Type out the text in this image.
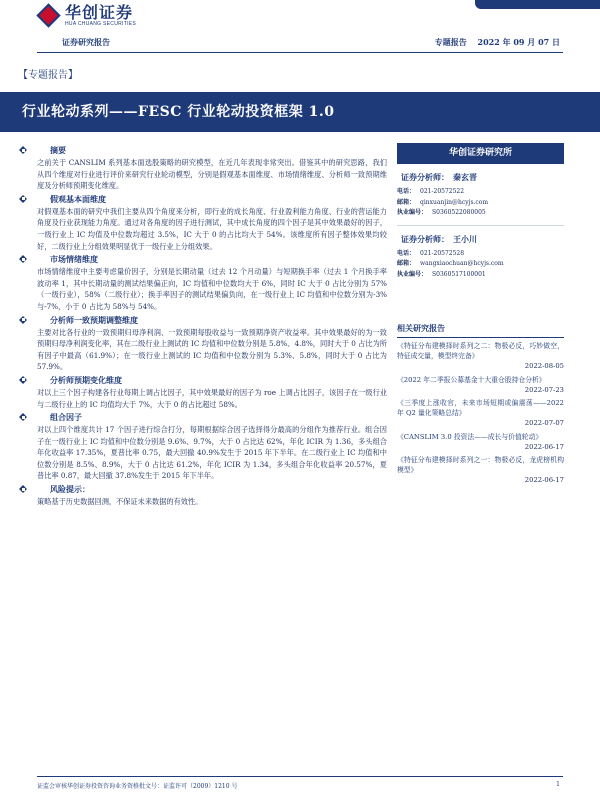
华创证券
HUA CHUANG SECURITIES
证券研究报告	专题报告 2022 年 09 月 07 日
【专题报告】
行业轮动系列——FESC 行业轮动投资框架 1.0
摘要
之前关于 CANSLIM 系列基本面选股策略的研究模型，在近几年表现非常突出。借鉴其中的研究思路，我们从四个维度对行业进行评价来研究行业轮动模型，分别是假观基本面维度、市场情绪维度、分析师一致预期维度及分析师预期变化维度。
假观基本面维度
对假观基本面的研究中我们主要从四个角度来分析，即行业的成长角度、行业盈利能力角度、行业的营运能力角度及行业获现能力角度。通过对各角度的因子进行测试，其中成长角度的四个因子是其中效果最好的因子，一级行业上 IC 均值及中位数均超过 3.5%，IC 大于 0 的占比均大于 54%。该维度所有因子整体效果均较好，二级行业上分组效果明显优于一级行业上分组效果。
市场情绪维度
市场情绪维度中主要考虑量价因子，分别是长期动量（过去 12 个月动量）与短期换手率（过去 1 个月换手率波动率 1，其中长期动量的测试结果偏正向，IC 均值和中位数均大于 6%，同时 IC 大于 0 占比分别为 57%（一级行业），58%（二级行业）；换手率因子的测试结果偏负向，在一级行业上 IC 均值和中位数分别为-3%与-7%，小于 0 占比为 58%与 54%。
分析师一致预期调整维度
主要对比各行业的一致预期归母净利润、一致预期每股收益与一致预期净资产收益率。其中效果最好的为一致预期归母净利润变化率，其在二级行业上测试的 IC 均值和中位数分别是 5.8%、4.8%，同时大于 0 占比为所有因子中最高（61.9%）；在一级行业上测试的 IC 均值和中位数分别为 5.3%、5.8%，同时大于 0 占比为 57.9%。
分析师预期变化维度
对以上三个因子构建各行业每期上调占比因子，其中效果最好的因子为 roe 上调占比因子，该因子在一级行业与二级行业上的 IC 均值均大于 7%，大于 0 的占比超过 58%。
组合因子
对以上四个维度共计 17 个因子进行综合打分，每期根据综合因子选择得分最高的分组作为推荐行业。组合因子在一级行业上 IC 均值和中位数分别是 9.6%、9.7%，大于 0 占比达 62%，年化 ICIR 为 1.36，多头组合年化收益率 17.35%，夏普比率 0.75，最大回撤 40.9%发生于 2015 年下半年。在二级行业上 IC 均值和中位数分别是 8.5%、8.9%，大于 0 占比达 61.2%，年化 ICIR 为 1.34，多头组合年化收益率 20.57%，夏普比率 0.87，最大回撤 37.8%发生于 2015 年下半年。
风险提示：
策略基于历史数据回测，不保证未来数据的有效性。
华创证券研究所
证券分析师： 秦玄晋
电话： 021-20572522
邮箱： qinxuanjin@hcyjs.com
执业编号： S0360522080005
证券分析师： 王小川
电话： 021-20572528
邮箱： wangxiaochuan@hcyjs.com
执业编号： S0360517100001
相关研究报告
《特征分布建模择时系列之二：物极必反，巧妙做空，特征成交量，模型终完备》
2022-08-05
《2022 年二季报公募基金十大重仓股持仓分析》
2022-07-23
《三季度上涨收官，未来市场短期或偏震荡——2022 年 Q2 量化策略总结》
2022-07-07
《CANSLIM 3.0 投资法——成长与价值轮动》
2022-06-17
《特征分布建模择时系列之一：物极必反，龙虎榜机构模型》
2022-06-17
证监会审核华创证券投资咨询业务资格批文号：证监许可（2009）1210 号	1
